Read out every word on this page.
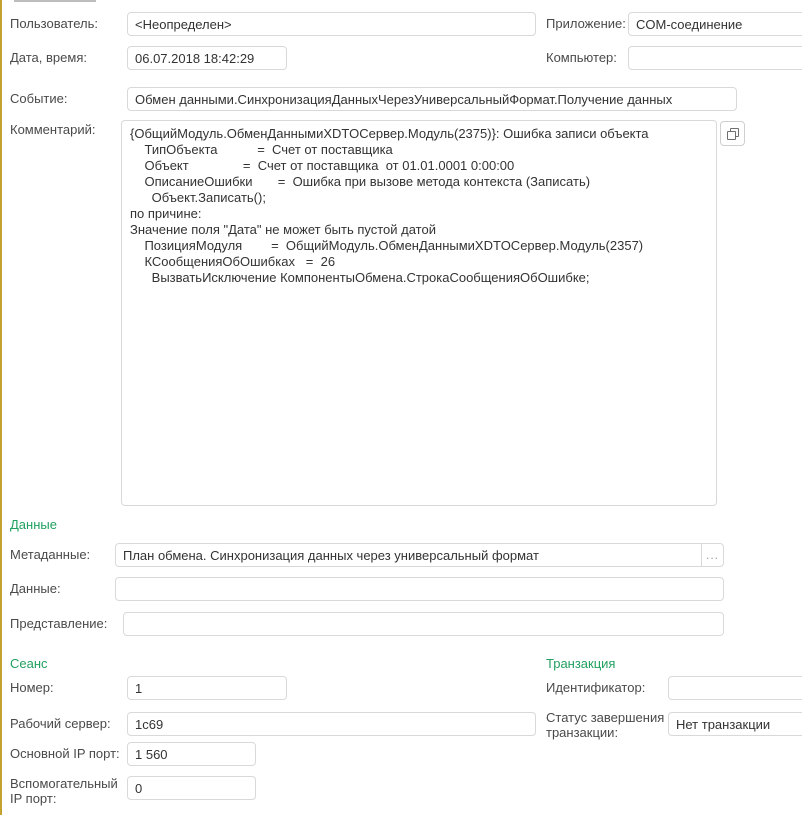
Пользователь:
<Неопределен>	Приложение:
COM-соединение
Дата, время:
06.07.2018 18:42:29	Компьютер:
Событие:
Обмен данными.СинхронизацияДанныхЧерезУниверсальныйФормат.Получение данных
Комментарий:
{ОбщийМодуль.ОбменДаннымиXDTOСервер.Модуль(2375)}: Ошибка записи объекта ТипОбъекта = Счет от поставщика Объект = Счет от поставщика от 01.01.0001 0:00:00 ОписаниеОшибки = Ошибка при вызове метода контекста (Записать) Объект.Записать(); по причине: Значение поля "Дата" не может быть пустой датой ПозицияМодуля = ОбщийМодуль.ОбменДаннымиXDTOСервер.Модуль(2357) КСообщенияОбОшибках = 26 ВызватьИсключение КомпонентыОбмена.СтрокаСообщенияОбОшибке;
Данные
Метаданные:
План обмена. Синхронизация данных через универсальный формат	...
Данные:
Представление:
Сеанс	Транзакция
Номер:
1	Идентификатор:
Рабочий сервер:
1c69	Статус завершения транзакции:
Нет транзакции
Основной IP порт:
1 560
Вспомогательный IP порт:
0
